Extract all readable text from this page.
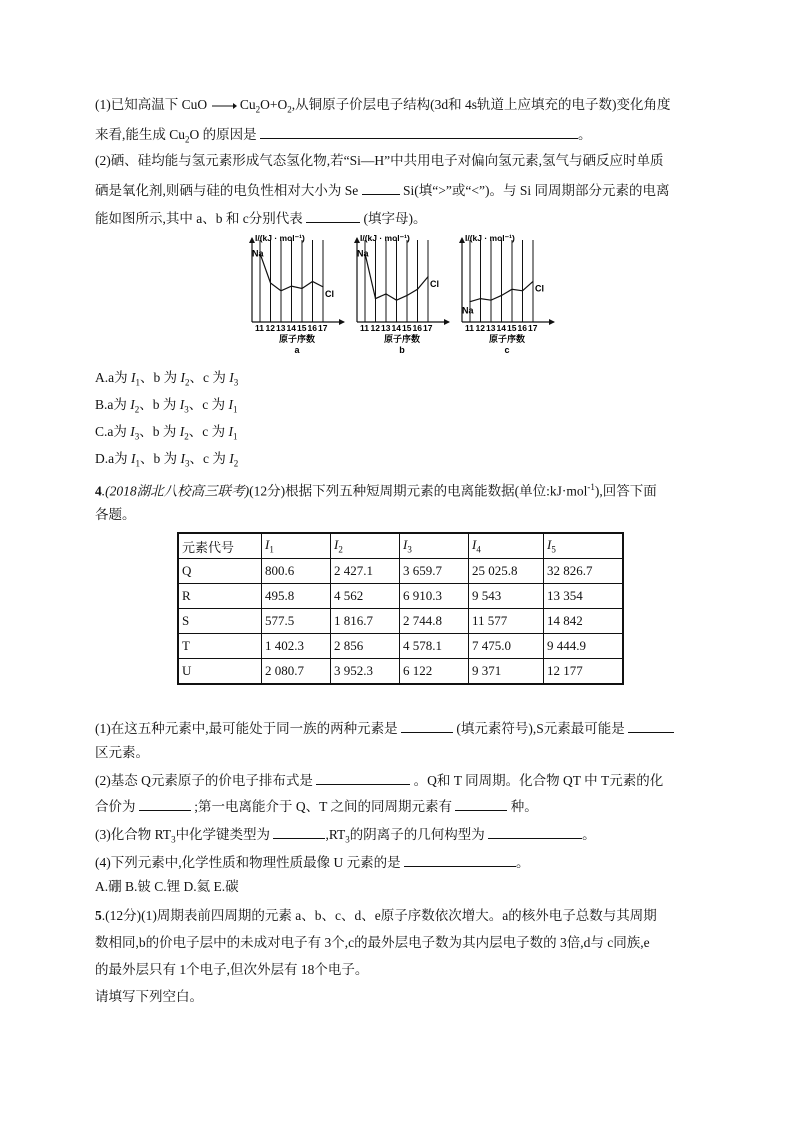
(1)已知高温下 CuO → $Cu_2O+O_2$,从铜原子价层电子结构(3d和 4s轨道上应填充的电子数)变化角度
来看,能生成 $Cu_2O$ 的原因是	。
(2)硒、硅均能与氢元素形成气态氢化物,若“Si—H”中共用电子对偏向氢元素,氢气与硒反应时单质
硒是氧化剂,则硒与硅的电负性相对大小为 Se	Si(填“>”或“<”)。与 Si 同周期部分元素的电离
能如图所示,其中 a、b 和 c分别代表	(填字母)。
I/(kJ · mol⁻¹)
Na
Cl
11 12 13 14 15 16 17
原子序数
a
I/(kJ · mol⁻¹)
Na
Cl
11 12 13 14 15 16 17
原子序数
b
I/(kJ · mol⁻¹)
Na
Cl
11 12 13 14 15 16 17
原子序数
c
A.a为 $I_1$、b 为 $I_2$、c 为 $I_3$
B.a为 $I_2$、b 为 $I_3$、c 为 $I_1$
C.a为 $I_3$、b 为 $I_2$、c 为 $I_1$
D.a为 $I_1$、b 为 $I_3$、c 为 $I_2$
4.(2018湖北八校高三联考)(12分)根据下列五种短周期元素的电离能数据(单位:kJ·mol$^{-1}$),回答下面
各题。
元素代号	$I_1$	$I_2$	$I_3$	$I_4$	$I_5$
Q	800.6	2 427.1	3 659.7	25 025.8	32 826.7
R	495.8	4 562	6 910.3	9 543	13 354
S	577.5	1 816.7	2 744.8	11 577	14 842
T	1 402.3	2 856	4 578.1	7 475.0	9 444.9
U	2 080.7	3 952.3	6 122	9 371	12 177
(1)在这五种元素中,最可能处于同一族的两种元素是	(填元素符号),S元素最可能是
区元素。
(2)基态 Q元素原子的价电子排布式是	。Q和 T 同周期。化合物 QT 中 T元素的化
合价为	;第一电离能介于 Q、T 之间的同周期元素有	种。
(3)化合物 $RT_3$中化学键类型为	$,RT_3$的阴离子的几何构型为	。
(4)下列元素中,化学性质和物理性质最像 U 元素的是	。
A.硼 B.铍 C.锂 D.氦 E.碳
5.(12分)(1)周期表前四周期的元素 a、b、c、d、e原子序数依次增大。a的核外电子总数与其周期
数相同,b的价电子层中的未成对电子有 3个,c的最外层电子数为其内层电子数的 3倍,d与 c同族,e
的最外层只有 1个电子,但次外层有 18个电子。
请填写下列空白。
